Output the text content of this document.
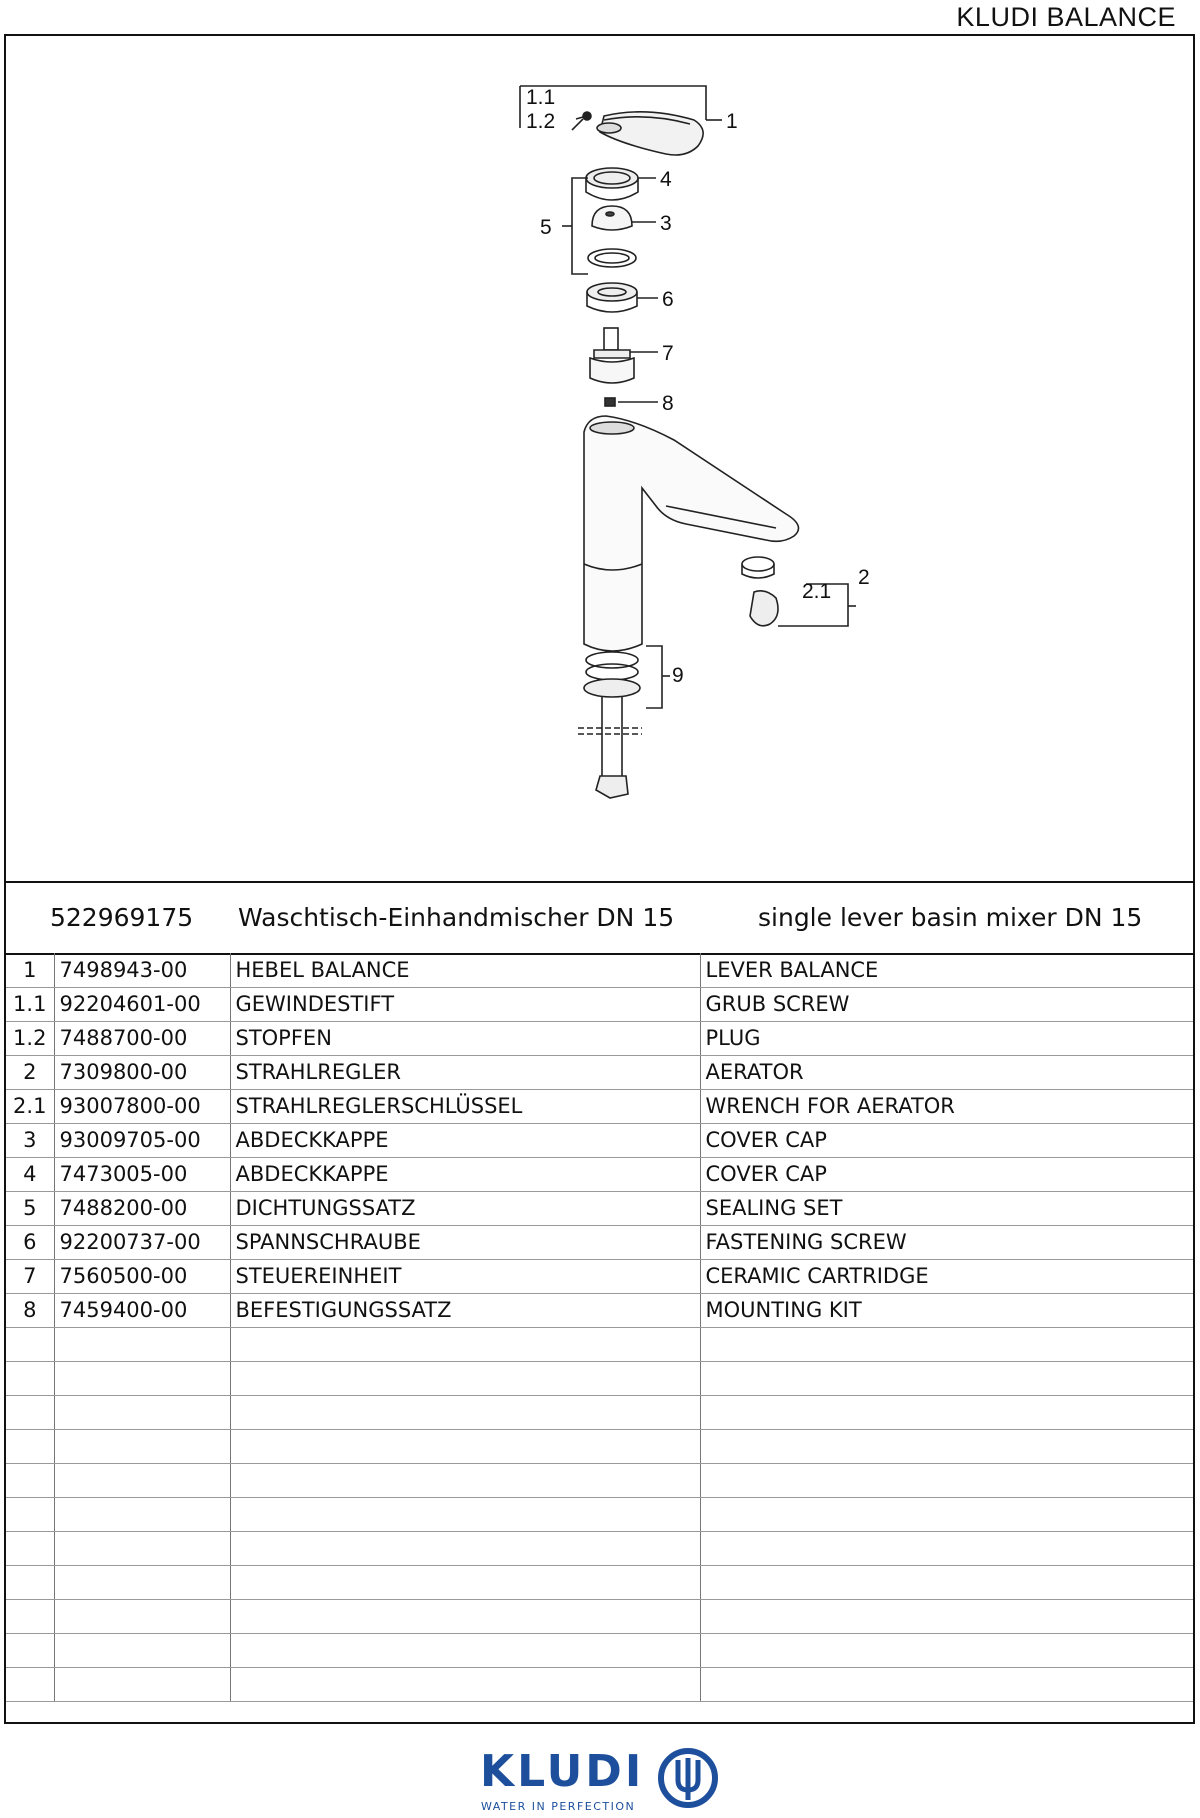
KLUDI BALANCE
1.1
1.2	1
4
5	3
6
7
8
2.1
2
9
522969175 Waschtisch-Einhandmischer DN 15	single lever basin mixer DN 15
1	7498943-00	HEBEL BALANCE	LEVER BALANCE
1.1	92204601-00	GEWINDESTIFT	GRUB SCREW
1.2	7488700-00	STOPFEN	PLUG
2	7309800-00	STRAHLREGLER	AERATOR
2.1	93007800-00	STRAHLREGLERSCHLÜSSEL	WRENCH FOR AERATOR
3	93009705-00	ABDECKKAPPE	COVER CAP
4	7473005-00	ABDECKKAPPE	COVER CAP
5	7488200-00	DICHTUNGSSATZ	SEALING SET
6	92200737-00	SPANNSCHRAUBE	FASTENING SCREW
7	7560500-00	STEUEREINHEIT	CERAMIC CARTRIDGE
8	7459400-00	BEFESTIGUNGSSATZ	MOUNTING KIT

KLUDI
WATER IN PERFECTION
